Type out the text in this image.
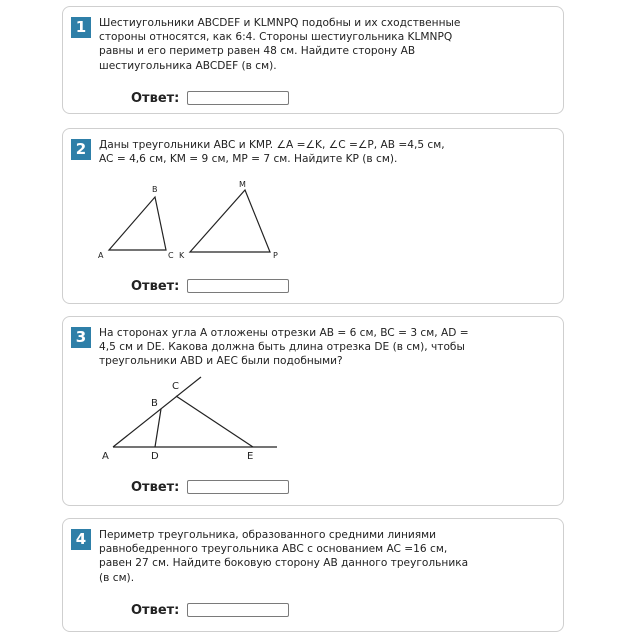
1	Шестиугольники ABCDEF и KLMNPQ подобны и их сходственные
стороны относятся, как 6:4. Стороны шестиугольника KLMNPQ
равны и его периметр равен 48 см. Найдите сторону AB
шестиугольника ABCDEF (в см).
Ответ:
2	Даны треугольники ABC и KMP. ∠A =∠K, ∠C =∠P, AB =4,5 см,
AC = 4,6 см, KM = 9 см, MP = 7 см. Найдите KP (в см).
A
B
C K
M
P
Ответ:
3	На сторонах угла A отложены отрезки AB = 6 см, BC = 3 см, AD =
4,5 см и DE. Какова должна быть длина отрезка DE (в см), чтобы
треугольники ABD и AEC были подобными?
A
B
C
D	E
Ответ:
4	Периметр треугольника, образованного средними линиями
равнобедренного треугольника ABC с основанием AC =16 см,
равен 27 см. Найдите боковую сторону AB данного треугольника
(в см).
Ответ:
